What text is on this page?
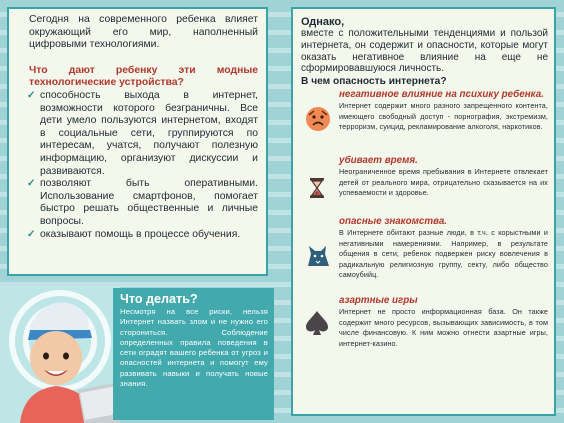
Сегодня на современного ребенка влияет окружающий его мир, наполненный цифровыми технологиями.

Что дают ребенку эти модные технологические устройства?

✓ способность выхода в интернет, возможности которого безграничны. Все дети умело пользуются интернетом, входят в социальные сети, группируются по интересам, учатся, получают полезную информацию, организуют дискуссии и развиваются.
✓ позволяют быть оперативными. Использование смартфонов, помогает быстро решать общественные и личные вопросы.
✓ оказывают помощь в процессе обучения.
Что делать?

Несмотря на все риски, нельзя Интернет назвать злом и не нужно его сторониться. Соблюдение определенных правила поведения в сети оградят вашего ребенка от угроз и опасностей интернета и помогут ему развивать навыки и получать новые знания.

Однако,

вместе с положительными тенденциями и пользой интернета, он содержит и опасности, которые могут оказать негативное влияние на еще не сформировавшуюся личность.

В чем опасность интернета?

негативное влияние на психику ребенка.

Интернет содержит много разного запрещенного контента, имеющего свободный доступ - порнография, экстремизм, терроризм, суицид, рекламирование алкоголя, наркотиков.

убивает время.

Неограниченное время пребывания в Интернете отвлекает детей от реального мира, отрицательно сказывается на их успеваемости и здоровье.

опасные знакомства.

В Интернете обитают разные люди, в т.ч. с корыстными и негативными намерениями. Например, в результате общения в сети, ребенок подвержен риску вовлечения в радикальную религиозную группу, секту, либо общество самоубийц.

азартные игры

Интернет не просто информационная база. Он также содержит много ресурсов, вызывающих зависимость, в том числе финансовую. К ним можно отнести азартные игры, интернет-казино.
